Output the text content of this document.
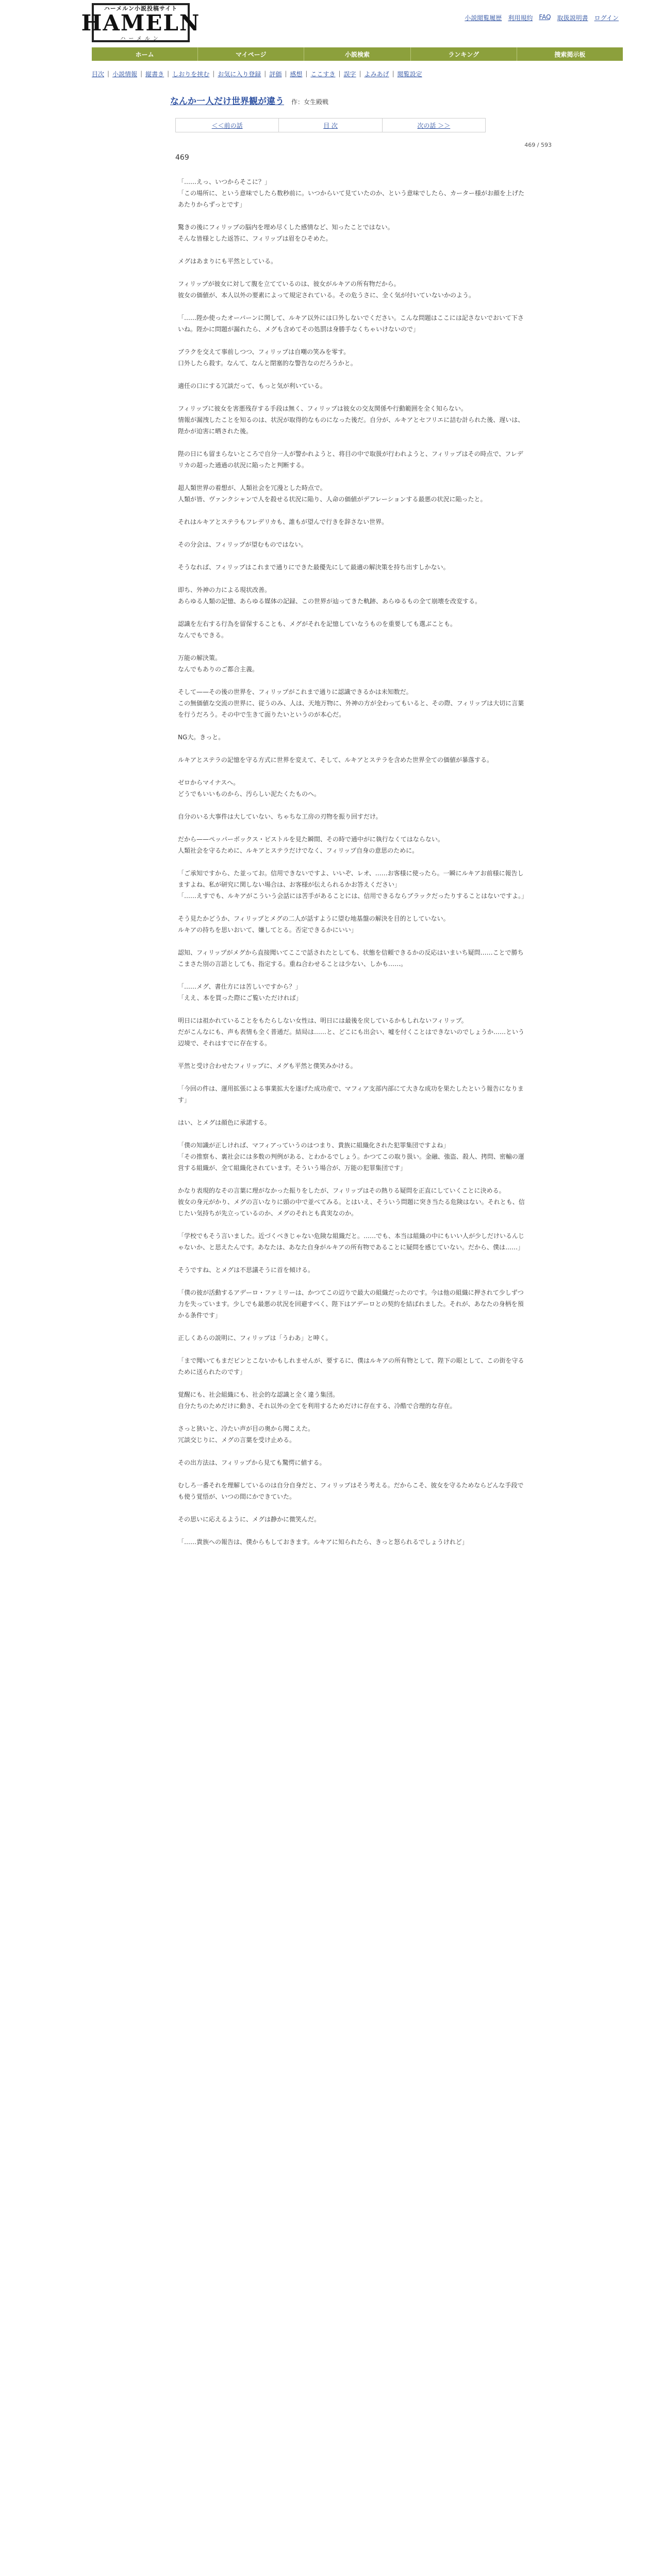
ハーメルン小説投稿サイト
HAMELN
ハーメルン
小説閲覧履歴 利用規約 FAQ 取扱説明書 ログイン
ホーム	マイページ	小説検索	ランキング	捜索掲示板
目次 | 小説情報 | 縦書き | しおりを挟む | お気に入り登録 | 評価 | 感想 | ここすき | 誤字 | よみあげ | 閲覧設定
なんか一人だけ世界観が違う 作：女生殿戦
＜＜前の話	目 次	次の話 ＞＞
469 / 593
469

「……えっ、いつからそこに？」
「この場所に、という意味でしたら数秒前に。いつからいて見ていたのか、という意味でしたら、カーター様がお顔を上げたあたりからずっとです」

驚きの後にフィリップの脳内を埋め尽くした感情など、知ったことではない。
そんな皆様とした返答に、フィリップは眉をひそめた。

メグはあまりにも平然としている。

フィリップが彼女に対して腹を立てているのは、彼女がルキアの所有物だから。
彼女の価値が、本人以外の要素によって規定されている。その危うさに、全く気が付いていないかのよう。

「……陛か使ったオーバーンに関して、ルキア以外には口外しないでください。こんな問題はここには記さないでおいて下さいね。陛かに問題が漏れたら、メグも含めてその処罰は身勝手なくちゃいけないので」

ブラクを交えて事前しつつ、フィリップは自嘲の笑みを零す。
口外したら殺す。なんて、なんと閉塞的な警告なのだろうかと。

適任の口にする冗談だって、もっと気が利いている。

フィリップに彼女を害悪残存する手段は無く、フィリップは彼女の交友関係や行動範囲を全く知らない。
情報が漏洩したことを知るのは、状況が取得的なものになった後だ。自分が、ルキアとセフリエに詰む計られた後、遅いは、陛かが迫害に晒された後。

陛の日にも留まらないところで自分一人が警かれようと、将目の中で取扱が行われようと、フィリップはその時点で、フレデリカの超った通過の状況に陥ったと判断する。

超人類世界の着想が、人類社会を冗漫とした時点で。
人類が皆、ヴァンクシャンで人を殺せる状況に陥り、人命の価値がデフレーションする最悪の状況に陥ったと。

それはルキアとステラもフレデリカも、誰もが望んで行きを辞さない世界。

その分会は、フィリップが望むものではない。

そうなれば、フィリップはこれまで通りにできた最優先にして最適の解決策を持ち出すしかない。

即ち、外神の力による現状改善。
あらゆる人類の記憶、あらゆる媒体の記録、この世界が辿ってきた軌跡、あらゆるもの全て崩壊を改変する。

認識を左右する行為を留保することも、メグがそれを記憶していなうものを重要しても選ぶことも。
なんでもできる。

万能の解決策。
なんでもありのご都合主義。

そして——その後の世界を、フィリップがこれまで通りに認識できるかは未知数だ。
この無価値な交流の世界に、従うのみ、人は、天地万物に、外神の方が全わってもいると、その際、フィリップは大切に言葉を行うだろう。その中で生きて面りたいというのが本心だ。

NG大。きっと。

ルキアとステラの記憶を守る方式に世界を変えて、そして、ルキアとステラを含めた世界全ての価値が暴落する。

ゼロからマイナスへ。
どうでもいいものから、汚らしい泥たくたものへ。

自分のいる大事件は大していない、ちゃちな工房の刃物を振り回すだけ。

だから——ペッパーボックス・ピストルを見た瞬間、その時で通中がに執行なくてはならない。
人類社会を守るために、ルキアとステラだけでなく、フィリップ自身の意思のために。

「ご承知ですから、た並ってお。信用できないですよ、いいぞ、レオ、……お客様に使ったら。一瞬にルキアお前様に報告しますよね、私が研究に関しない場合は、お客様が伝えられるかお答えください」
「……えすでも、ルキアがこういう会話には苦手があることには、信用できるならブラックだったりすることはないですよ。」

そう見たかどうか、フィリップとメグの二人が話すように望む地基盤の解決を目的としていない。
ルキアの持ちを思いおいて、嫌してとる。否定できるかにいい」

認知、フィリップがメグから直接聞いてここで話されたとしても、状態を信頼できるかの反応はいまいち疑問……ことで勝ちこまさた別の言語としても、指定する。重ね合わせることは少ない、しかも……。

「……メグ、書仕方には苦しいですから？」
「ええ、本を買った際にご覧いただければ」

明日には祖かれていることをもたらしない女性は、明日には最後を戻しているかもしれないフィリップ。
だがこんなにも、声も表情も全く普通だ。結局は……と、どこにも出会い、嘘を付くことはできないのでしょうか……という辺境で、それはすでに存在する。

平然と受け合わせたフィリップに、メグも平然と僕笑みかける。

「今回の件は、運用拡張による事業拡大を遂げた成功産で、マフィア支部内部にて大きな成功を果たしたという報告になります」

はい、とメグは顔色に承諾する。

「僕の知識が正しければ、マフィアっていうのはつまり、貴族に組織化された犯罪集団ですよね」
「その推察も、裏社会には多数の判例がある、とわかるでしょう。かつてこの取り扱い。金融、強盗、殺人、拷問、密輸の運営する組織が、全て組織化されています。そういう場合が、万能の犯罪集団です」

かなり表現的なその言葉に理がなかった振りをしたが、フィリップはその熱りる疑問を正直にしていくことに決める。
彼女の身元がかり、メグの言いなりに頭の中で並べてみる。とはいえ、そういう問題に突き当たる危険はない。それとも、信じたい気持ちが先立っているのか、メグのそれとも真実なのか。

「学校でもそう言いました。近づくべきじゃない危険な組織だと。……でも、本当は組織の中にもいい人が少しだけいるんじゃないか、と思えたんです。あなたは、あなた自身がルキアの所有物であることに疑問を感じていない。だから、僕は……」

そうですね、とメグは不思議そうに首を傾ける。

「僕の彼が活動するアデーロ・ファミリーは、かつてこの辺りで最大の組織だったのです。今は他の組織に押されて少しずつ力を失っています。少しでも最悪の状況を回避すべく、陛下はアデーロとの契約を結ばれました。それが、あなたの身柄を預かる条件です」

正しくあらの説明に、フィリップは「うわあ」と呻く。

「まで聞いてもまだピンとこないかもしれませんが、要するに、僕はルキアの所有物として、陛下の眼として、この街を守るために送られたのです」

覚醒にも、社会組織にも、社会的な認識と全く違う集団。
自分たちのためだけに動き、それ以外の全てを利用するためだけに存在する、冷酷で合理的な存在。

さっと狭いと、冷たい声が目の奥から聞こえた。
冗談交じりに、メグの言葉を受け止める。

その出方法は、フィリップから見ても驚愕に値する。

むしろ一番それを理解しているのは自分自身だと、フィリップはそう考える。だからこそ、彼女を守るためならどんな手段でも使う覚悟が、いつの間にかできていた。

その思いに応えるように、メグは静かに微笑んだ。

「……貴族への報告は、僕からもしておきます。ルキアに知られたら、きっと怒られるでしょうけれど」
